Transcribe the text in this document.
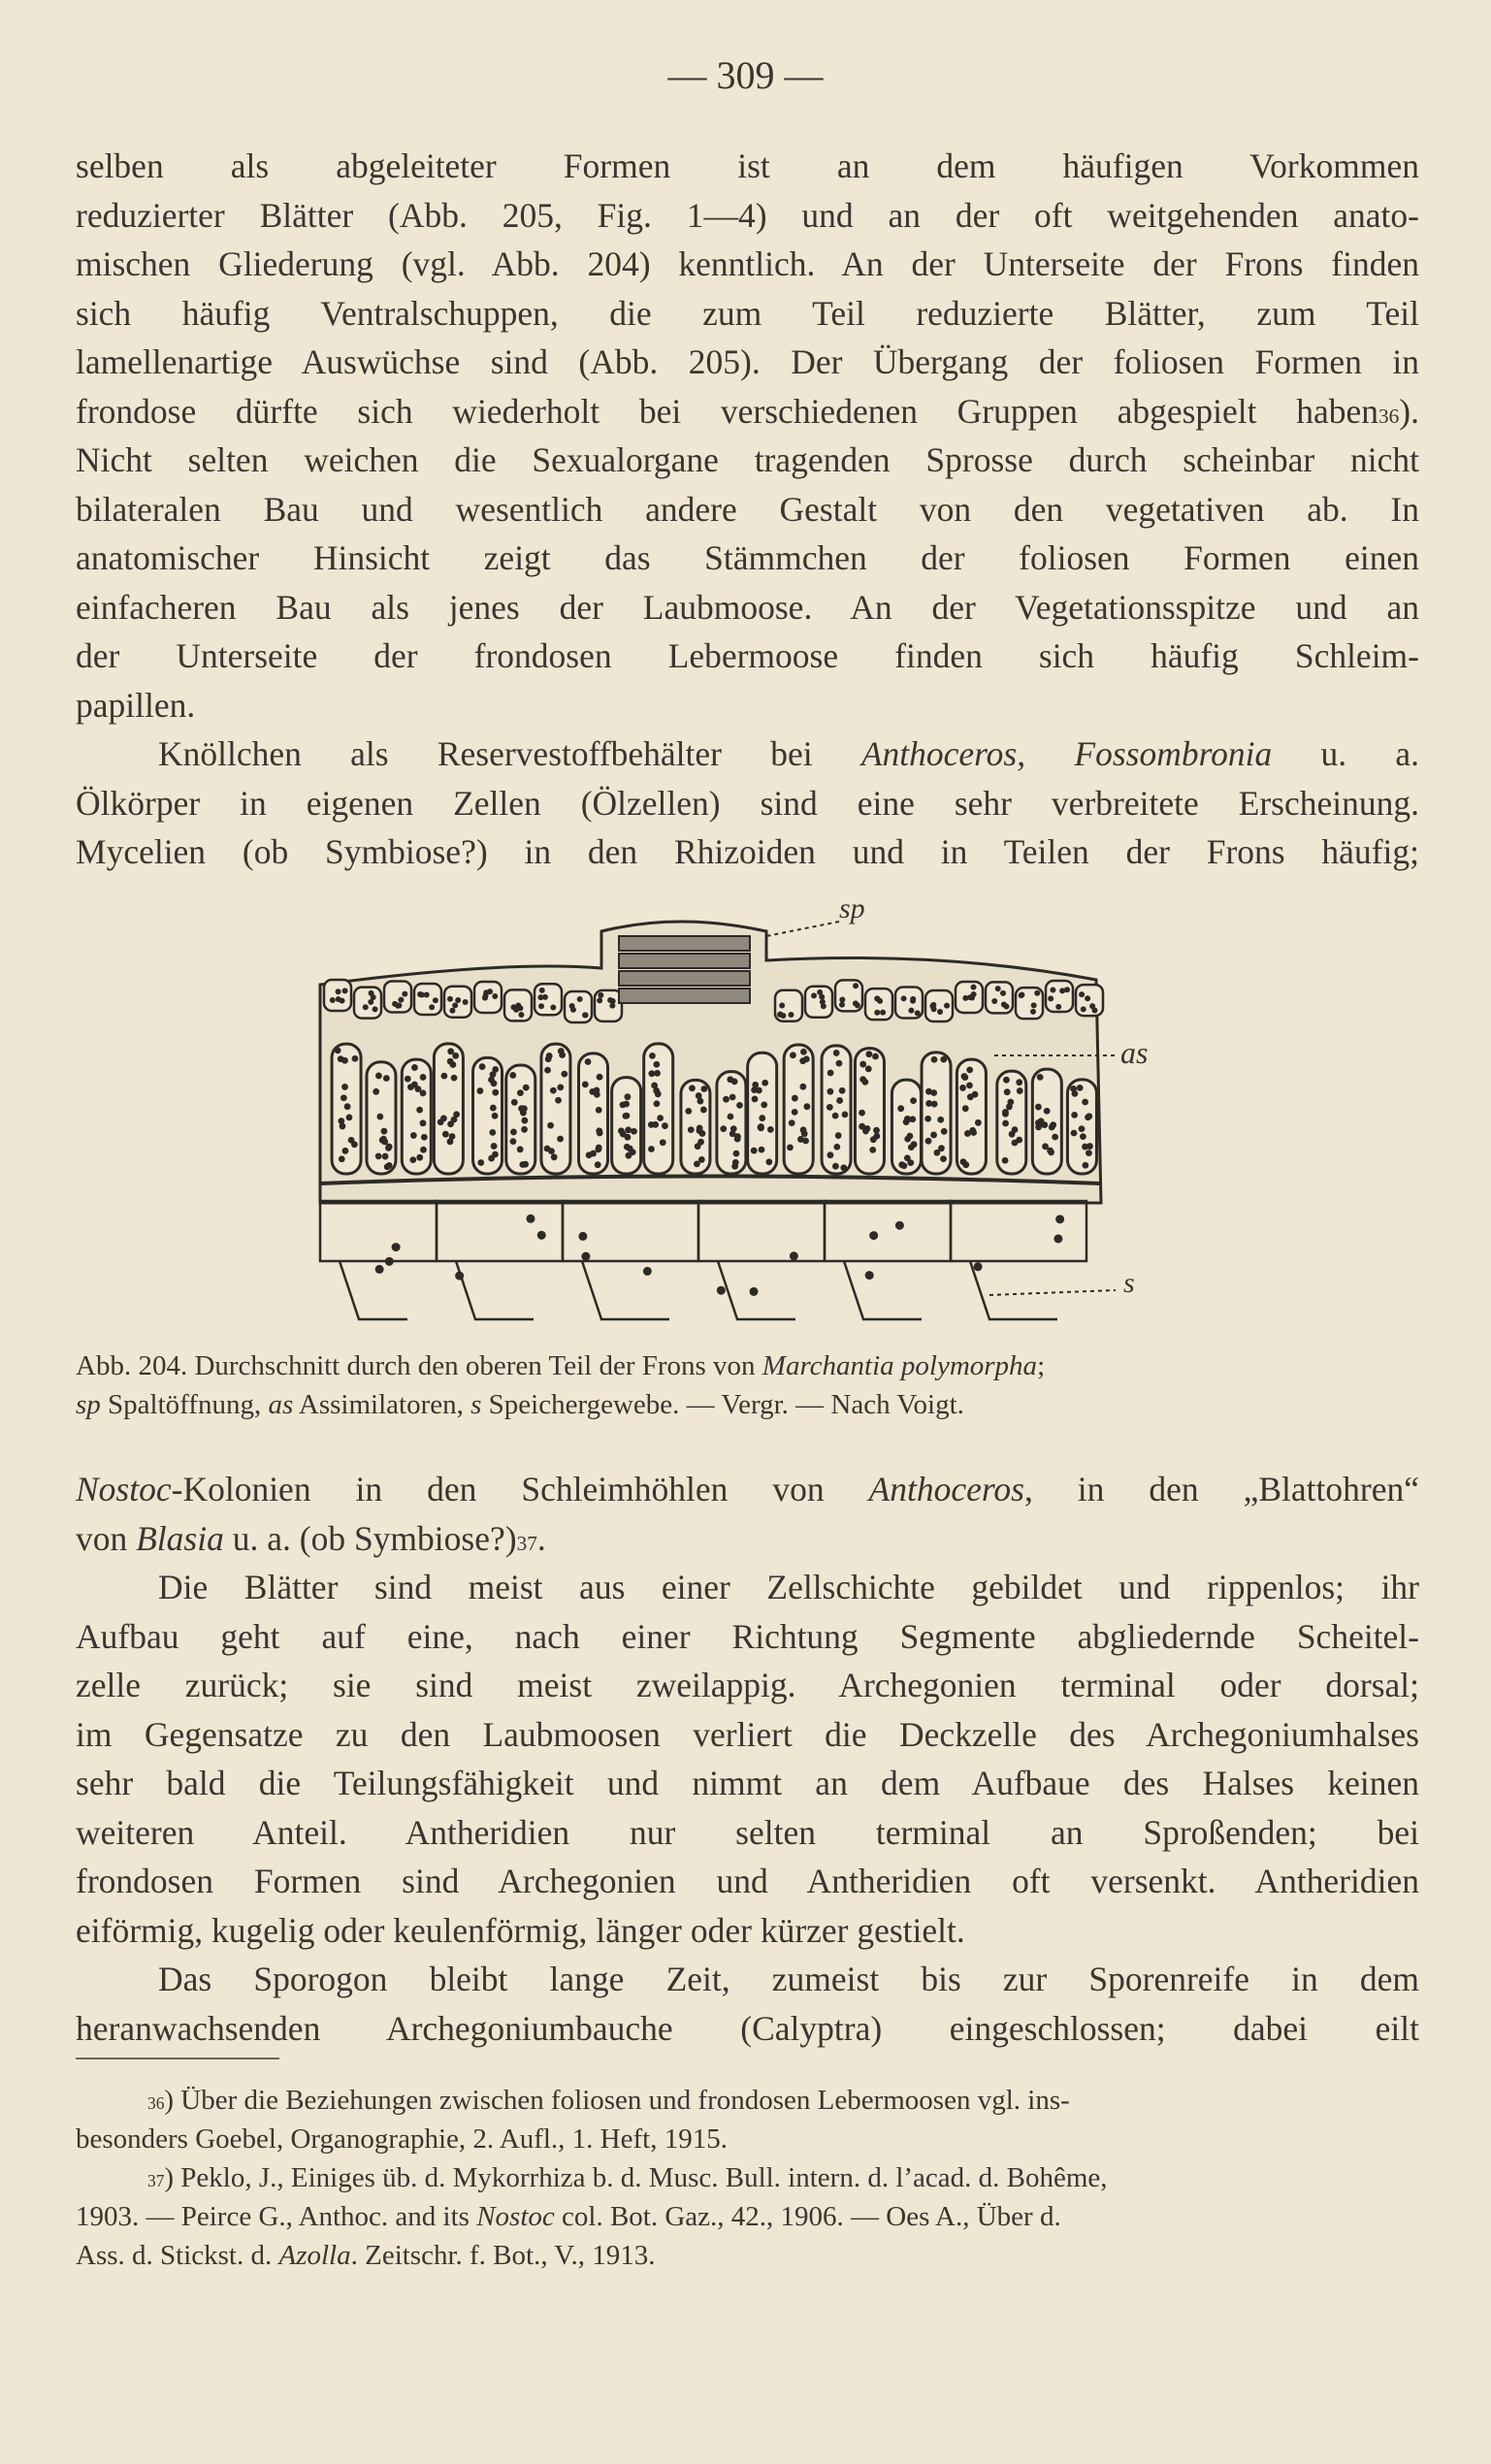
— 309 —
selben als abgeleiteter Formen ist an dem häufigen Vorkommen
reduzierter Blätter (Abb. 205, Fig. 1—4) und an der oft weitgehenden anato-
mischen Gliederung (vgl. Abb. 204) kenntlich. An der Unterseite der Frons finden
sich häufig Ventralschuppen, die zum Teil reduzierte Blätter, zum Teil
lamellenartige Auswüchse sind (Abb. 205). Der Übergang der foliosen Formen in
frondose dürfte sich wiederholt bei verschiedenen Gruppen abgespielt haben$^{36}$).
Nicht selten weichen die Sexualorgane tragenden Sprosse durch scheinbar nicht
bilateralen Bau und wesentlich andere Gestalt von den vegetativen ab. In
anatomischer Hinsicht zeigt das Stämmchen der foliosen Formen einen
einfacheren Bau als jenes der Laubmoose. An der Vegetationsspitze und an
der Unterseite der frondosen Lebermoose finden sich häufig Schleim-
papillen.
Knöllchen als Reservestoffbehälter bei Anthoceros, Fossombronia u. a.
Ölkörper in eigenen Zellen (Ölzellen) sind eine sehr verbreitete Erscheinung.
Mycelien (ob Symbiose?) in den Rhizoiden und in Teilen der Frons häufig;
sp
as
s
Abb. 204. Durchschnitt durch den oberen Teil der Frons von Marchantia polymorpha;
sp Spaltöffnung, as Assimilatoren, s Speichergewebe. — Vergr. — Nach Voigt.
Nostoc-Kolonien in den Schleimhöhlen von Anthoceros, in den „Blattohren“
von Blasia u. a. (ob Symbiose?)$^{37}$.
Die Blätter sind meist aus einer Zellschichte gebildet und rippenlos; ihr
Aufbau geht auf eine, nach einer Richtung Segmente abgliedernde Scheitel-
zelle zurück; sie sind meist zweilappig. Archegonien terminal oder dorsal;
im Gegensatze zu den Laubmoosen verliert die Deckzelle des Archegoniumhalses
sehr bald die Teilungsfähigkeit und nimmt an dem Aufbaue des Halses keinen
weiteren Anteil. Antheridien nur selten terminal an Sproßenden; bei
frondosen Formen sind Archegonien und Antheridien oft versenkt. Antheridien
eiförmig, kugelig oder keulenförmig, länger oder kürzer gestielt.
Das Sporogon bleibt lange Zeit, zumeist bis zur Sporenreife in dem
heranwachsenden Archegoniumbauche (Calyptra) eingeschlossen; dabei eilt
$^{36}$) Über die Beziehungen zwischen foliosen und frondosen Lebermoosen vgl. ins-
besonders Goebel, Organographie, 2. Aufl., 1. Heft, 1915.
$^{37}$) Peklo, J., Einiges üb. d. Mykorrhiza b. d. Musc. Bull. intern. d. l’acad. d. Bohême,
1903. — Peirce G., Anthoc. and its Nostoc col. Bot. Gaz., 42., 1906. — Oes A., Über d.
Ass. d. Stickst. d. Azolla. Zeitschr. f. Bot., V., 1913.
